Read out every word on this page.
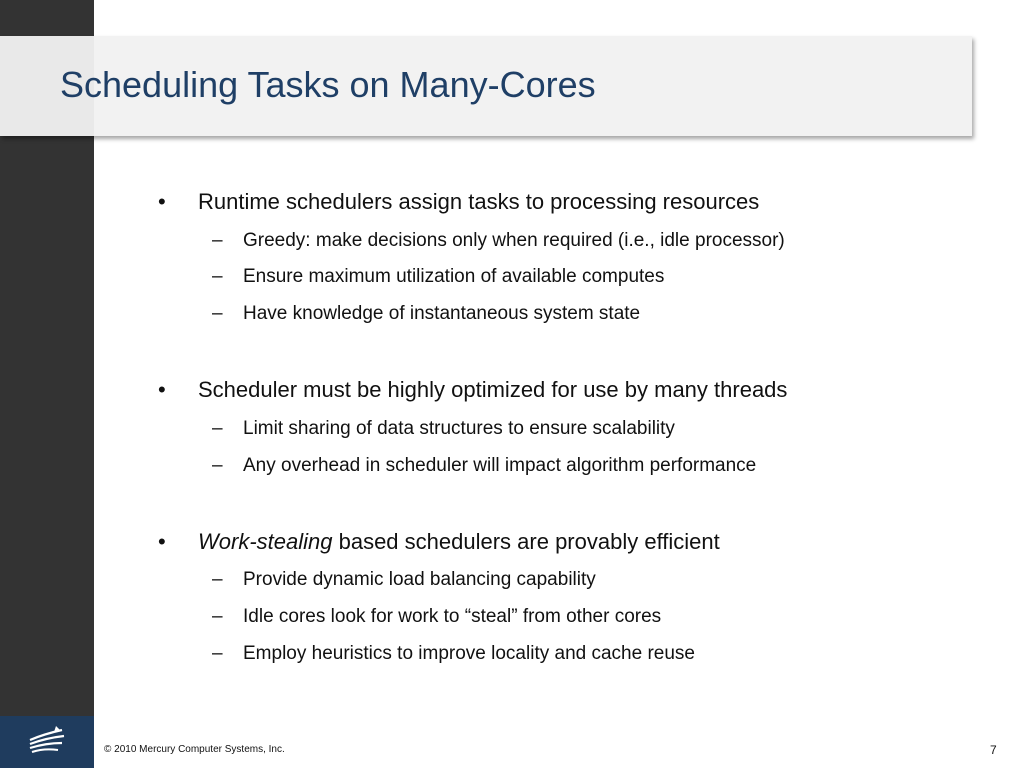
Scheduling Tasks on Many-Cores
• Runtime schedulers assign tasks to processing resources
– Greedy: make decisions only when required (i.e., idle processor)
– Ensure maximum utilization of available computes
– Have knowledge of instantaneous system state
• Scheduler must be highly optimized for use by many threads
– Limit sharing of data structures to ensure scalability
– Any overhead in scheduler will impact algorithm performance
• Work-stealing based schedulers are provably efficient
– Provide dynamic load balancing capability
– Idle cores look for work to “steal” from other cores
– Employ heuristics to improve locality and cache reuse
© 2010 Mercury Computer Systems, Inc.	7
